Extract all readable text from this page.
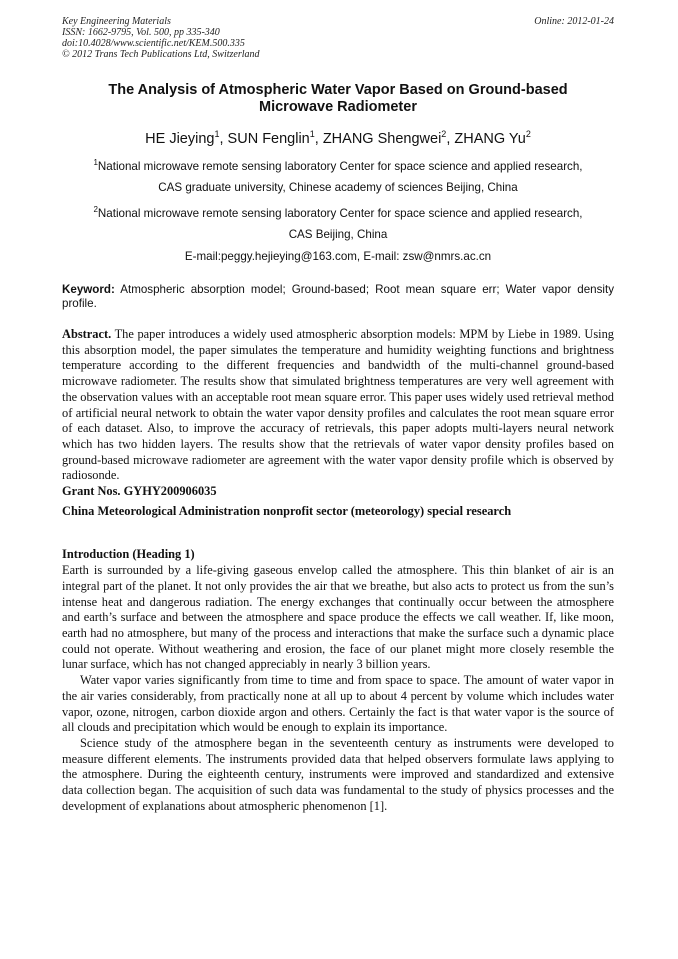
Key Engineering Materials
ISSN: 1662-9795, Vol. 500, pp 335-340
doi:10.4028/www.scientific.net/KEM.500.335
© 2012 Trans Tech Publications Ltd, Switzerland
Online: 2012-01-24
The Analysis of Atmospheric Water Vapor Based on Ground-based Microwave Radiometer
HE Jieying$^1$, SUN Fenglin$^1$, ZHANG Shengwei$^2$, ZHANG Yu$^2$
$^1$National microwave remote sensing laboratory Center for space science and applied research,
CAS graduate university, Chinese academy of sciences Beijing, China
$^2$National microwave remote sensing laboratory Center for space science and applied research,
CAS Beijing, China
E-mail:peggy.hejieying@163.com, E-mail: zsw@nmrs.ac.cn
Keyword: Atmospheric absorption model; Ground-based; Root mean square err; Water vapor density profile.
Abstract. The paper introduces a widely used atmospheric absorption models: MPM by Liebe in 1989. Using this absorption model, the paper simulates the temperature and humidity weighting functions and brightness temperature according to the different frequencies and bandwidth of the multi-channel ground-based microwave radiometer. The results show that simulated brightness temperatures are very well agreement with the observation values with an acceptable root mean square error. This paper uses widely used retrieval method of artificial neural network to obtain the water vapor density profiles and calculates the root mean square error of each dataset. Also, to improve the accuracy of retrievals, this paper adopts multi-layers neural network which has two hidden layers. The results show that the retrievals of water vapor density profiles based on ground-based microwave radiometer are agreement with the water vapor density profile which is observed by radiosonde.
Grant Nos. GYHY200906035
China Meteorological Administration nonprofit sector (meteorology) special research
Introduction (Heading 1)

Earth is surrounded by a life-giving gaseous envelop called the atmosphere. This thin blanket of air is an integral part of the planet. It not only provides the air that we breathe, but also acts to protect us from the sun’s intense heat and dangerous radiation. The energy exchanges that continually occur between the atmosphere and earth’s surface and between the atmosphere and space produce the effects we call weather. If, like moon, earth had no atmosphere, but many of the process and interactions that make the surface such a dynamic place could not operate. Without weathering and erosion, the face of our planet might more closely resemble the lunar surface, which has not changed appreciably in nearly 3 billion years.

Water vapor varies significantly from time to time and from space to space. The amount of water vapor in the air varies considerably, from practically none at all up to about 4 percent by volume which includes water vapor, ozone, nitrogen, carbon dioxide argon and others. Certainly the fact is that water vapor is the source of all clouds and precipitation which would be enough to explain its importance.

Science study of the atmosphere began in the seventeenth century as instruments were developed to measure different elements. The instruments provided data that helped observers formulate laws applying to the atmosphere. During the eighteenth century, instruments were improved and standardized and extensive data collection began. The acquisition of such data was fundamental to the study of physics processes and the development of explanations about atmospheric phenomenon [1].
